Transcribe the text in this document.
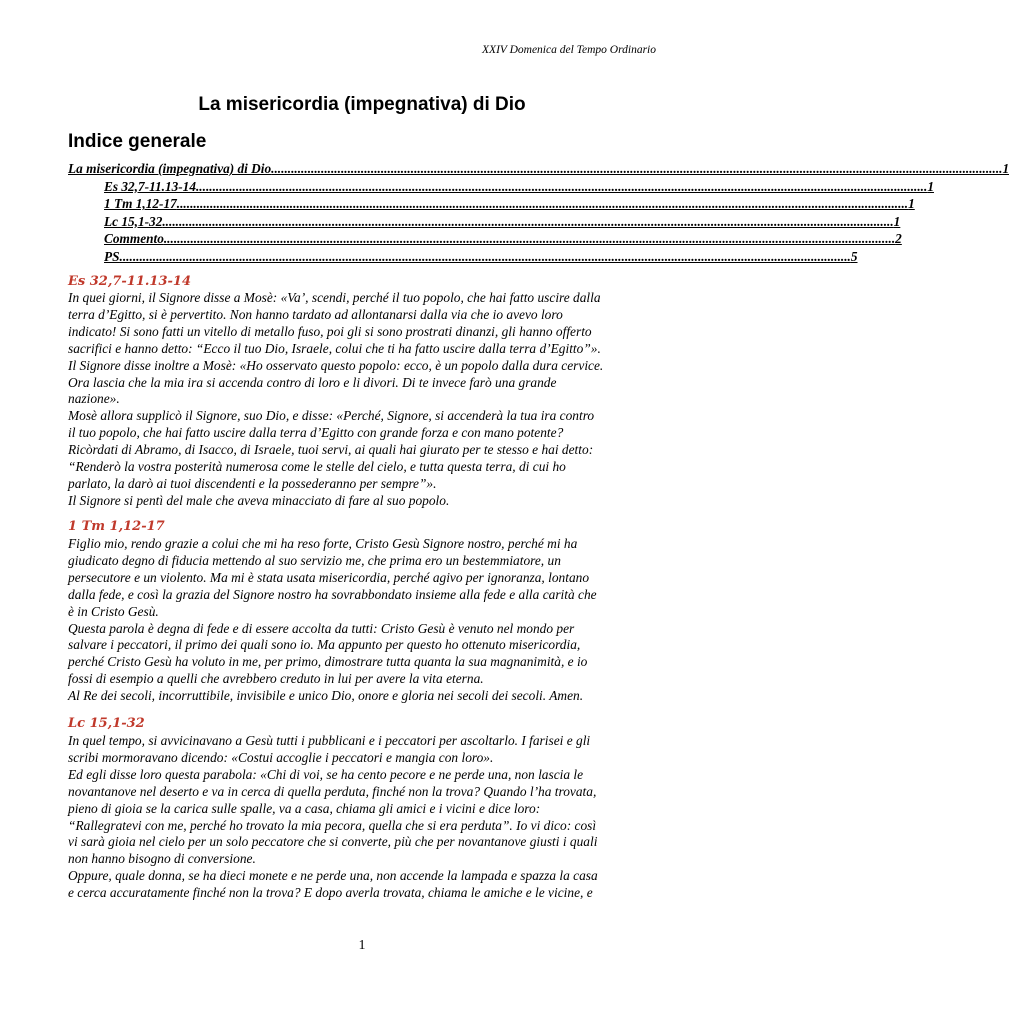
XXIV Domenica del Tempo Ordinario
La misericordia (impegnativa) di Dio
Indice generale
La misericordia (impegnativa) di Dio ............................................................................................................................................................................................................................ 1
Es 32,7-11.13-14 ............................................................................................................................................................................................................................ 1
1 Tm 1,12-17 ............................................................................................................................................................................................................................ 1
Lc 15,1-32 ............................................................................................................................................................................................................................ 1
Commento ............................................................................................................................................................................................................................ 2
PS ............................................................................................................................................................................................................................ 5
Es 32,7-11.13-14

In quei giorni, il Signore disse a Mosè: «Va’, scendi, perché il tuo popolo, che hai fatto uscire dalla

terra d’Egitto, si è pervertito. Non hanno tardato ad allontanarsi dalla via che io avevo loro

indicato! Si sono fatti un vitello di metallo fuso, poi gli si sono prostrati dinanzi, gli hanno offerto

sacrifici e hanno detto: “Ecco il tuo Dio, Israele, colui che ti ha fatto uscire dalla terra d’Egitto”».

Il Signore disse inoltre a Mosè: «Ho osservato questo popolo: ecco, è un popolo dalla dura cervice.

Ora lascia che la mia ira si accenda contro di loro e li divori. Di te invece farò una grande

nazione».

Mosè allora supplicò il Signore, suo Dio, e disse: «Perché, Signore, si accenderà la tua ira contro

il tuo popolo, che hai fatto uscire dalla terra d’Egitto con grande forza e con mano potente?

Ricòrdati di Abramo, di Isacco, di Israele, tuoi servi, ai quali hai giurato per te stesso e hai detto:

“Renderò la vostra posterità numerosa come le stelle del cielo, e tutta questa terra, di cui ho

parlato, la darò ai tuoi discendenti e la possederanno per sempre”».

Il Signore si pentì del male che aveva minacciato di fare al suo popolo.

1 Tm 1,12-17

Figlio mio, rendo grazie a colui che mi ha reso forte, Cristo Gesù Signore nostro, perché mi ha

giudicato degno di fiducia mettendo al suo servizio me, che prima ero un bestemmiatore, un

persecutore e un violento. Ma mi è stata usata misericordia, perché agivo per ignoranza, lontano

dalla fede, e così la grazia del Signore nostro ha sovrabbondato insieme alla fede e alla carità che

è in Cristo Gesù.

Questa parola è degna di fede e di essere accolta da tutti: Cristo Gesù è venuto nel mondo per

salvare i peccatori, il primo dei quali sono io. Ma appunto per questo ho ottenuto misericordia,

perché Cristo Gesù ha voluto in me, per primo, dimostrare tutta quanta la sua magnanimità, e io

fossi di esempio a quelli che avrebbero creduto in lui per avere la vita eterna.

Al Re dei secoli, incorruttibile, invisibile e unico Dio, onore e gloria nei secoli dei secoli. Amen.

Lc 15,1-32

In quel tempo, si avvicinavano a Gesù tutti i pubblicani e i peccatori per ascoltarlo. I farisei e gli

scribi mormoravano dicendo: «Costui accoglie i peccatori e mangia con loro».

Ed egli disse loro questa parabola: «Chi di voi, se ha cento pecore e ne perde una, non lascia le

novantanove nel deserto e va in cerca di quella perduta, finché non la trova? Quando l’ha trovata,

pieno di gioia se la carica sulle spalle, va a casa, chiama gli amici e i vicini e dice loro:

“Rallegratevi con me, perché ho trovato la mia pecora, quella che si era perduta”. Io vi dico: così

vi sarà gioia nel cielo per un solo peccatore che si converte, più che per novantanove giusti i quali

non hanno bisogno di conversione.

Oppure, quale donna, se ha dieci monete e ne perde una, non accende la lampada e spazza la casa

e cerca accuratamente finché non la trova? E dopo averla trovata, chiama le amiche e le vicine, e

1
